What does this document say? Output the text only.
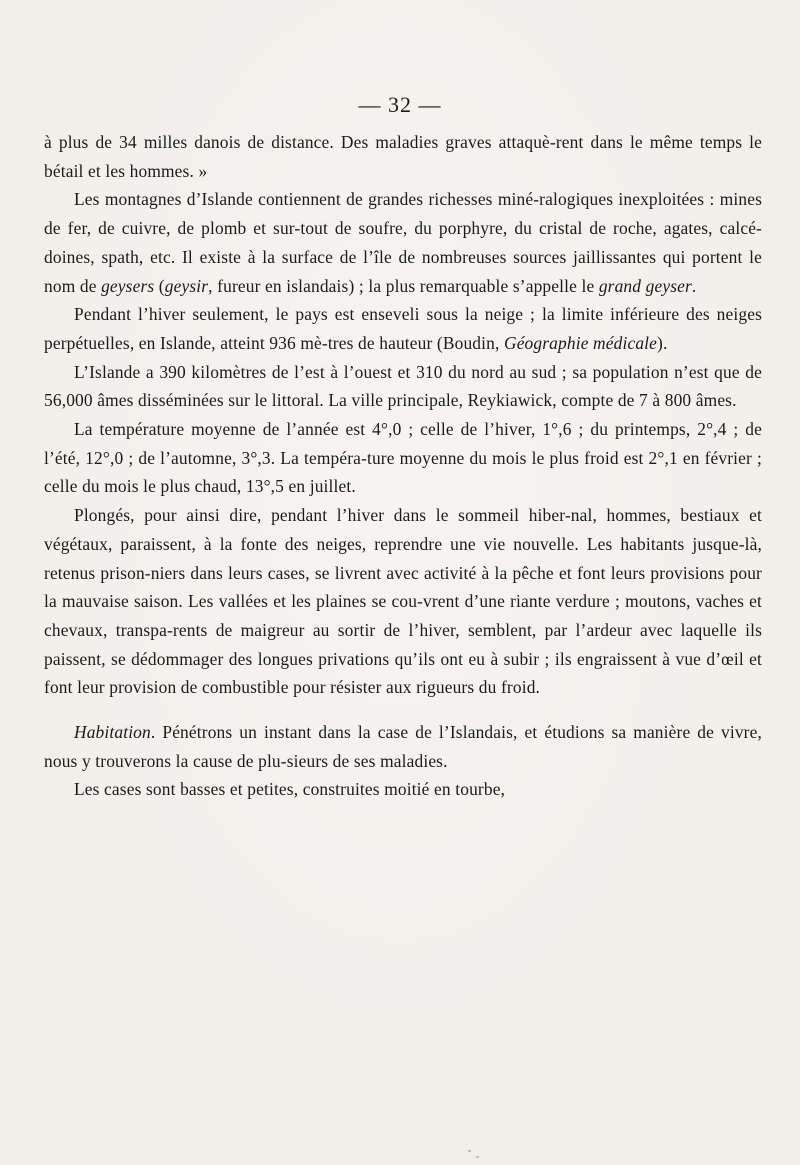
— 32 —

à plus de 34 milles danois de distance. Des maladies graves attaquè-rent dans le même temps le bétail et les hommes. »

Les montagnes d’Islande contiennent de grandes richesses miné-ralogiques inexploitées : mines de fer, de cuivre, de plomb et sur-tout de soufre, du porphyre, du cristal de roche, agates, calcé-doines, spath, etc. Il existe à la surface de l’île de nombreuses sources jaillissantes qui portent le nom de geysers (geysir, fureur en islandais) ; la plus remarquable s’appelle le grand geyser.

Pendant l’hiver seulement, le pays est enseveli sous la neige ; la limite inférieure des neiges perpétuelles, en Islande, atteint 936 mè-tres de hauteur (Boudin, Géographie médicale).

L’Islande a 390 kilomètres de l’est à l’ouest et 310 du nord au sud ; sa population n’est que de 56,000 âmes disséminées sur le littoral. La ville principale, Reykiawick, compte de 7 à 800 âmes.

La température moyenne de l’année est 4°,0 ; celle de l’hiver, 1°,6 ; du printemps, 2°,4 ; de l’été, 12°,0 ; de l’automne, 3°,3. La tempéra-ture moyenne du mois le plus froid est 2°,1 en février ; celle du mois le plus chaud, 13°,5 en juillet.

Plongés, pour ainsi dire, pendant l’hiver dans le sommeil hiber-nal, hommes, bestiaux et végétaux, paraissent, à la fonte des neiges, reprendre une vie nouvelle. Les habitants jusque-là, retenus prison-niers dans leurs cases, se livrent avec activité à la pêche et font leurs provisions pour la mauvaise saison. Les vallées et les plaines se cou-vrent d’une riante verdure ; moutons, vaches et chevaux, transpa-rents de maigreur au sortir de l’hiver, semblent, par l’ardeur avec laquelle ils paissent, se dédommager des longues privations qu’ils ont eu à subir ; ils engraissent à vue d’œil et font leur provision de combustible pour résister aux rigueurs du froid.

Habitation. Pénétrons un instant dans la case de l’Islandais, et étudions sa manière de vivre, nous y trouverons la cause de plu-sieurs de ses maladies.

Les cases sont basses et petites, construites moitié en tourbe,
